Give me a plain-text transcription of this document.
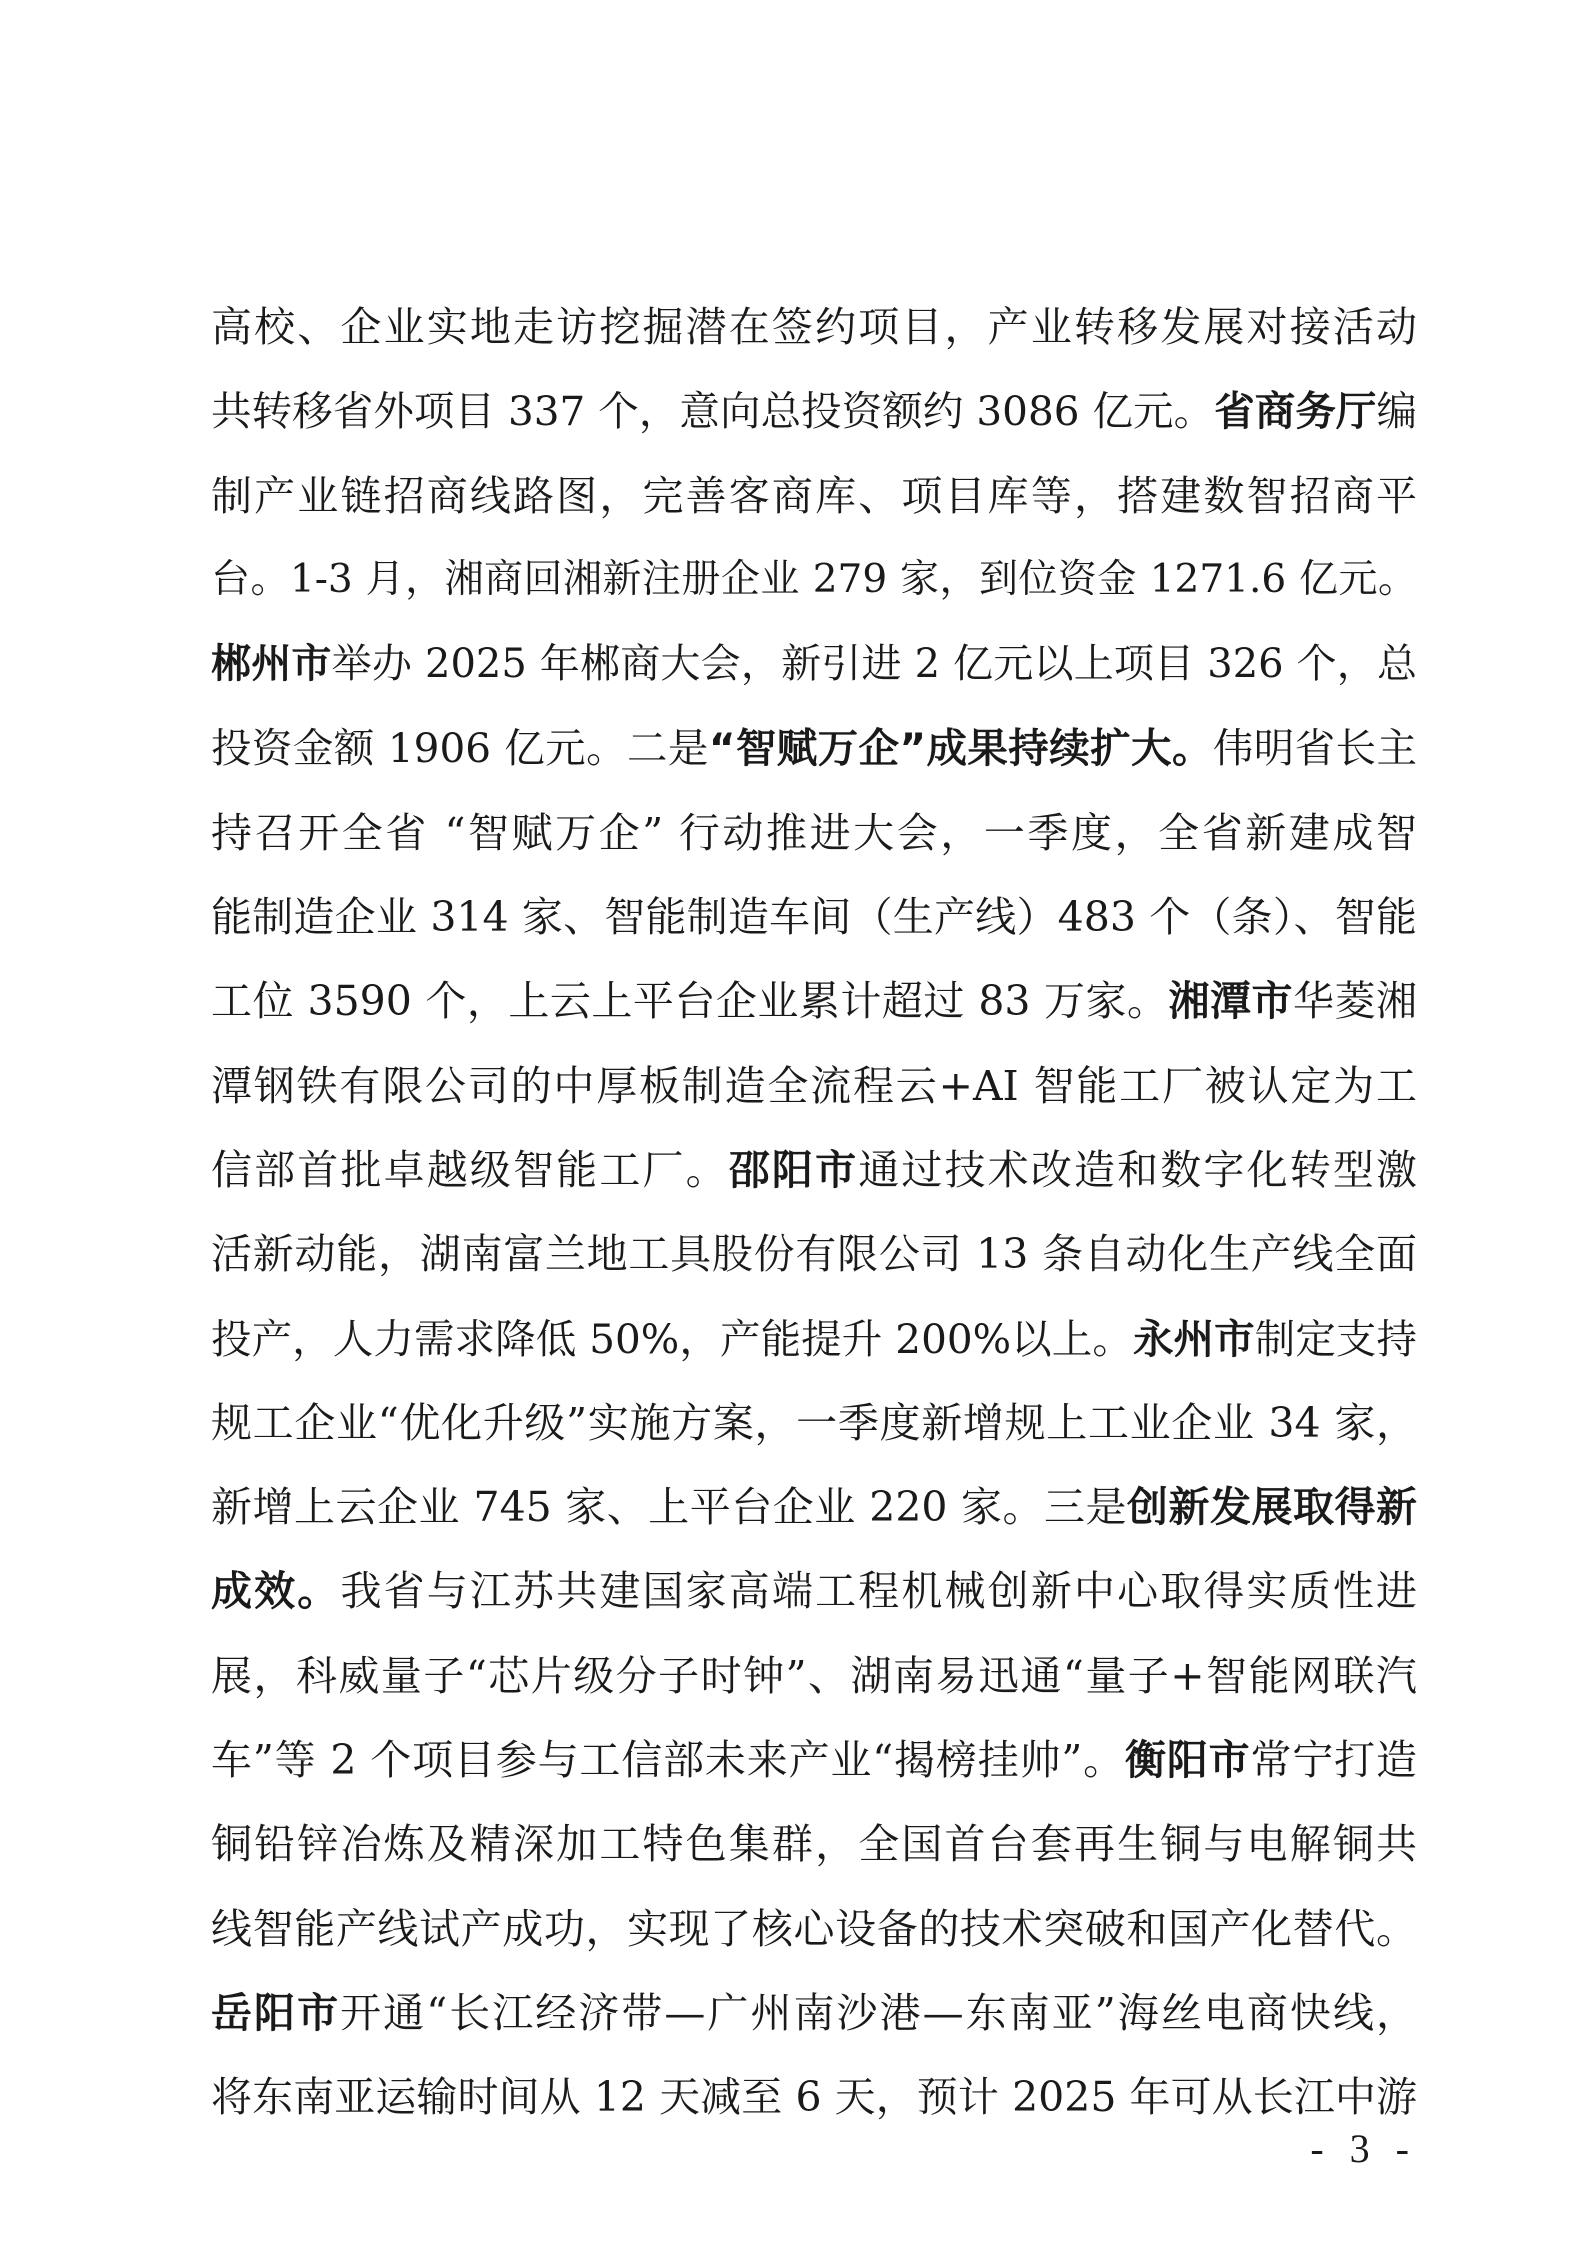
高校、企业实地走访挖掘潜在签约项目，产业转移发展对接活动
共转移省外项目 337 个，意向总投资额约 3086 亿元。省商务厅编
制产业链招商线路图，完善客商库、项目库等，搭建数智招商平
台。1-3 月，湘商回湘新注册企业 279 家，到位资金 1271.6 亿元。
郴州市举办 2025 年郴商大会，新引进 2 亿元以上项目 326 个，总
投资金额 1906 亿元。二是“智赋万企”成果持续扩大。伟明省长主
持召开全省 “智赋万企” 行动推进大会，一季度，全省新建成智
能制造企业 314 家、智能制造车间（生产线）483 个（条）、智能
工位 3590 个，上云上平台企业累计超过 83 万家。湘潭市华菱湘
潭钢铁有限公司的中厚板制造全流程云+AI 智能工厂被认定为工
信部首批卓越级智能工厂。邵阳市通过技术改造和数字化转型激
活新动能，湖南富兰地工具股份有限公司 13 条自动化生产线全面
投产，人力需求降低 50%，产能提升 200%以上。永州市制定支持
规工企业“优化升级”实施方案，一季度新增规上工业企业 34 家，
新增上云企业 745 家、上平台企业 220 家。三是创新发展取得新
成效。我省与江苏共建国家高端工程机械创新中心取得实质性进
展，科威量子“芯片级分子时钟”、湖南易迅通“量子+智能网联汽
车”等 2 个项目参与工信部未来产业“揭榜挂帅”。衡阳市常宁打造
铜铅锌冶炼及精深加工特色集群，全国首台套再生铜与电解铜共
线智能产线试产成功，实现了核心设备的技术突破和国产化替代。
岳阳市开通“长江经济带—广州南沙港—东南亚”海丝电商快线，
将东南亚运输时间从 12 天减至 6 天，预计 2025 年可从长江中游
- 3 -
